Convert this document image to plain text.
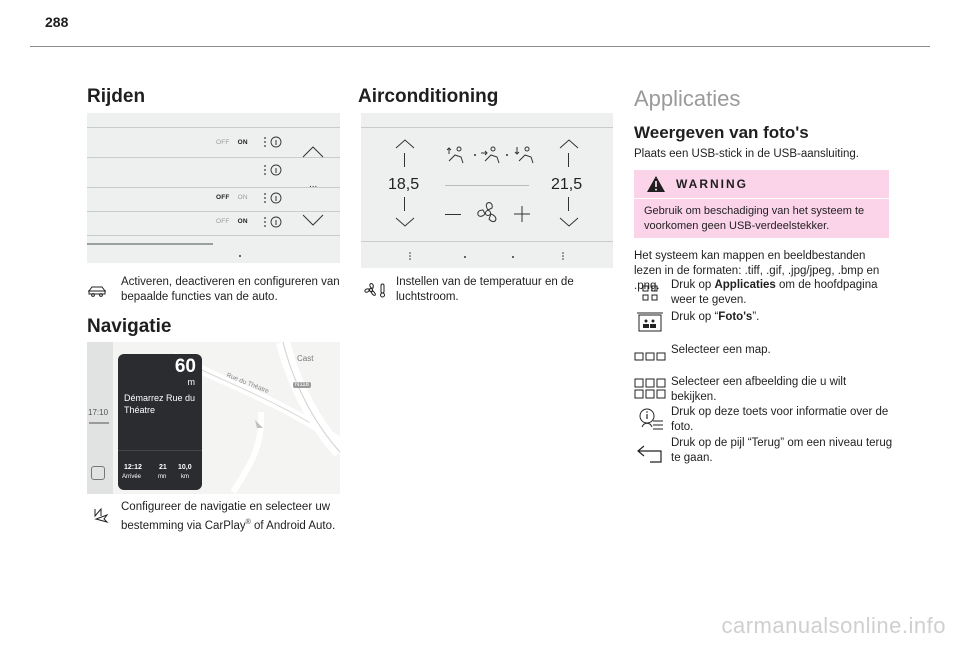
288
Rijden
OFF ON
OFF ON
OFF ON
...
Activeren, deactiveren en configureren van bepaalde functies van de auto.
Navigatie
17:10
Cast
Rue du Théatre	N118
60
m
Démarrez Rue du Théatre
12:12
Arrivée
21
mn
10,0
km
Configureer de navigatie en selecteer uw bestemming via CarPlay® of Android Auto.
Airconditioning
18,5	21,5
Instellen van de temperatuur en de luchtstroom.
Applicaties
Weergeven van foto's
Plaats een USB-stick in de USB-aansluiting.
WARNING
Gebruik om beschadiging van het systeem te voorkomen geen USB-verdeelstekker.
Het systeem kan mappen en beeldbestanden lezen in de formaten: .tiff, .gif, .jpg/jpeg, .bmp en .png. Druk op Applicaties om de hoofdpagina weer te geven.
Druk op “Foto's”.
Selecteer een map.
Selecteer een afbeelding die u wilt bekijken.
Druk op deze toets voor informatie over de foto.
Druk op de pijl “Terug” om een niveau terug te gaan.
carmanualsonline.info
